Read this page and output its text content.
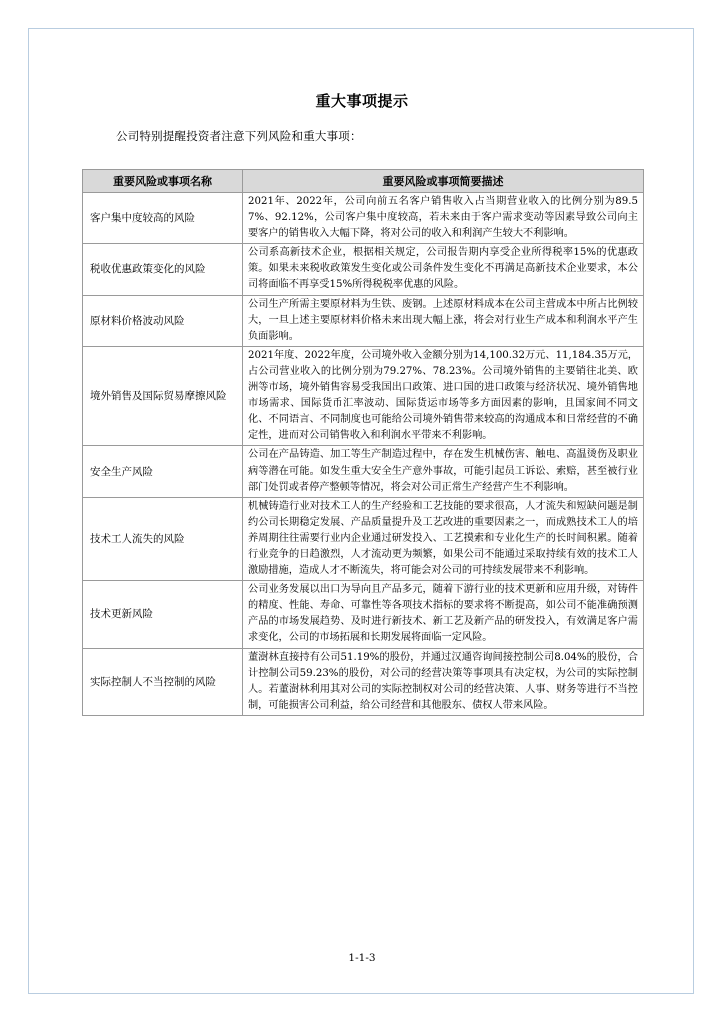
重大事项提示
公司特别提醒投资者注意下列风险和重大事项：
重要风险或事项名称	重要风险或事项简要描述
客户集中度较高的风险	2021年、2022年，公司向前五名客户销售收入占当期营业收入的比例分别为89.57%、92.12%，公司客户集中度较高，若未来由于客户需求变动等因素导致公司向主要客户的销售收入大幅下降，将对公司的收入和利润产生较大不利影响。
税收优惠政策变化的风险	公司系高新技术企业，根据相关规定，公司报告期内享受企业所得税率15%的优惠政策。如果未来税收政策发生变化或公司条件发生变化不再满足高新技术企业要求，本公司将面临不再享受15%所得税税率优惠的风险。
原材料价格波动风险	公司生产所需主要原材料为生铁、废钢。上述原材料成本在公司主营成本中所占比例较大，一旦上述主要原材料价格未来出现大幅上涨，将会对行业生产成本和利润水平产生负面影响。
境外销售及国际贸易摩擦风险	2021年度、2022年度，公司境外收入金额分别为14,100.32万元、11,184.35万元，占公司营业收入的比例分别为79.27%、78.23%。公司境外销售的主要销往北美、欧洲等市场，境外销售容易受我国出口政策、进口国的进口政策与经济状况、境外销售地市场需求、国际货币汇率波动、国际货运市场等多方面因素的影响，且国家间不同文化、不同语言、不同制度也可能给公司境外销售带来较高的沟通成本和日常经营的不确定性，进而对公司销售收入和利润水平带来不利影响。
安全生产风险	公司在产品铸造、加工等生产制造过程中，存在发生机械伤害、触电、高温烫伤及职业病等潜在可能。如发生重大安全生产意外事故，可能引起员工诉讼、索赔，甚至被行业部门处罚或者停产整顿等情况，将会对公司正常生产经营产生不利影响。
技术工人流失的风险	机械铸造行业对技术工人的生产经验和工艺技能的要求很高，人才流失和短缺问题是制约公司长期稳定发展、产品质量提升及工艺改进的重要因素之一，而成熟技术工人的培养周期往往需要行业内企业通过研发投入、工艺摸索和专业化生产的长时间积累。随着行业竞争的日趋激烈，人才流动更为频繁，如果公司不能通过采取持续有效的技术工人激励措施，造成人才不断流失，将可能会对公司的可持续发展带来不利影响。
技术更新风险	公司业务发展以出口为导向且产品多元，随着下游行业的技术更新和应用升级，对铸件的精度、性能、寿命、可靠性等各项技术指标的要求将不断提高，如公司不能准确预测产品的市场发展趋势、及时进行新技术、新工艺及新产品的研发投入，有效满足客户需求变化，公司的市场拓展和长期发展将面临一定风险。
实际控制人不当控制的风险	董澍林直接持有公司51.19%的股份，并通过汉通咨询间接控制公司8.04%的股份，合计控制公司59.23%的股份，对公司的经营决策等事项具有决定权，为公司的实际控制人。若董澍林利用其对公司的实际控制权对公司的经营决策、人事、财务等进行不当控制，可能损害公司利益，给公司经营和其他股东、债权人带来风险。
1-1-3
